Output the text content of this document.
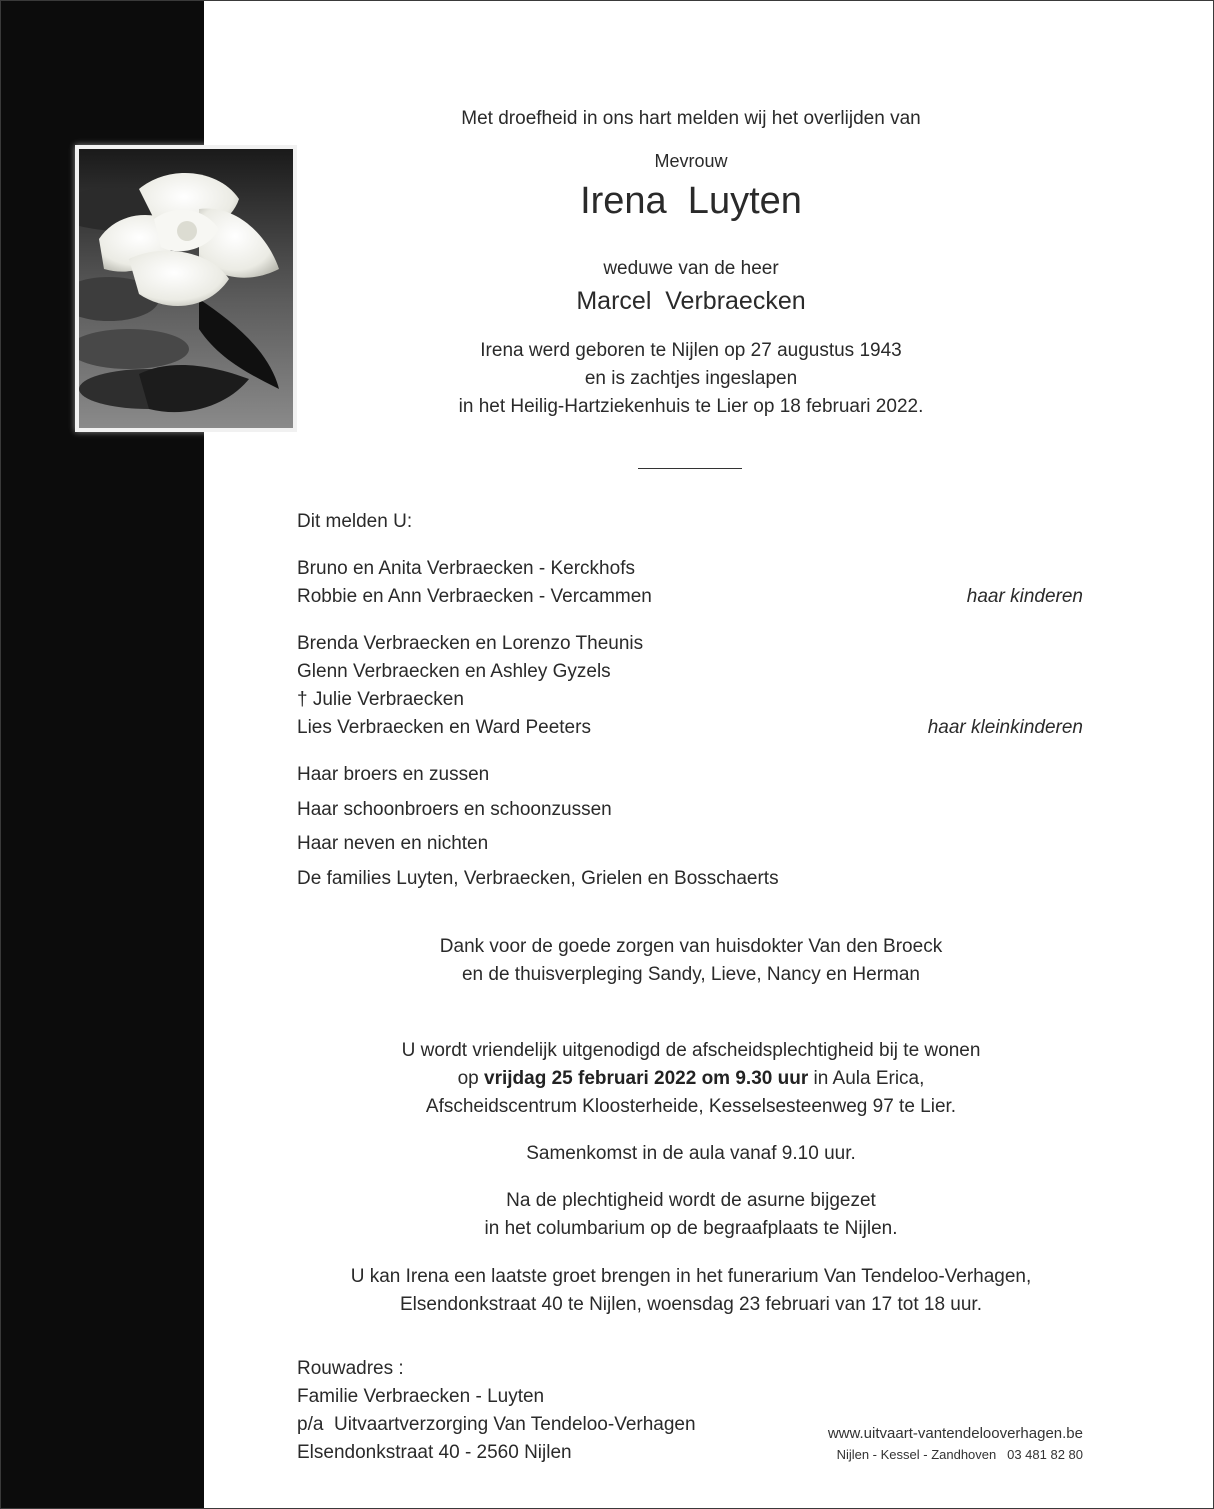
Met droefheid in ons hart melden wij het overlijden van
Mevrouw
Irena  Luyten
weduwe van de heer
Marcel  Verbraecken
Irena werd geboren te Nijlen op 27 augustus 1943
en is zachtjes ingeslapen
in het Heilig-Hartziekenhuis te Lier op 18 februari 2022.
Dit melden U:
Bruno en Anita Verbraecken - Kerckhofs
Robbie en Ann Verbraecken - Vercammen	haar kinderen
Brenda Verbraecken en Lorenzo Theunis
Glenn Verbraecken en Ashley Gyzels
† Julie Verbraecken
Lies Verbraecken en Ward Peeters	haar kleinkinderen
Haar broers en zussen
Haar schoonbroers en schoonzussen
Haar neven en nichten
De families Luyten, Verbraecken, Grielen en Bosschaerts
Dank voor de goede zorgen van huisdokter Van den Broeck
en de thuisverpleging Sandy, Lieve, Nancy en Herman
U wordt vriendelijk uitgenodigd de afscheidsplechtigheid bij te wonen
op vrijdag 25 februari 2022 om 9.30 uur in Aula Erica,
Afscheidscentrum Kloosterheide, Kesselsesteenweg 97 te Lier.
Samenkomst in de aula vanaf 9.10 uur.
Na de plechtigheid wordt de asurne bijgezet
in het columbarium op de begraafplaats te Nijlen.
U kan Irena een laatste groet brengen in het funerarium Van Tendeloo-Verhagen,
Elsendonkstraat 40 te Nijlen, woensdag 23 februari van 17 tot 18 uur.
Rouwadres :
Familie Verbraecken - Luyten
p/a  Uitvaartverzorging Van Tendeloo-Verhagen
Elsendonkstraat 40 - 2560 Nijlen
www.uitvaart-vantendelooverhagen.be
Nijlen - Kessel - Zandhoven   03 481 82 80
